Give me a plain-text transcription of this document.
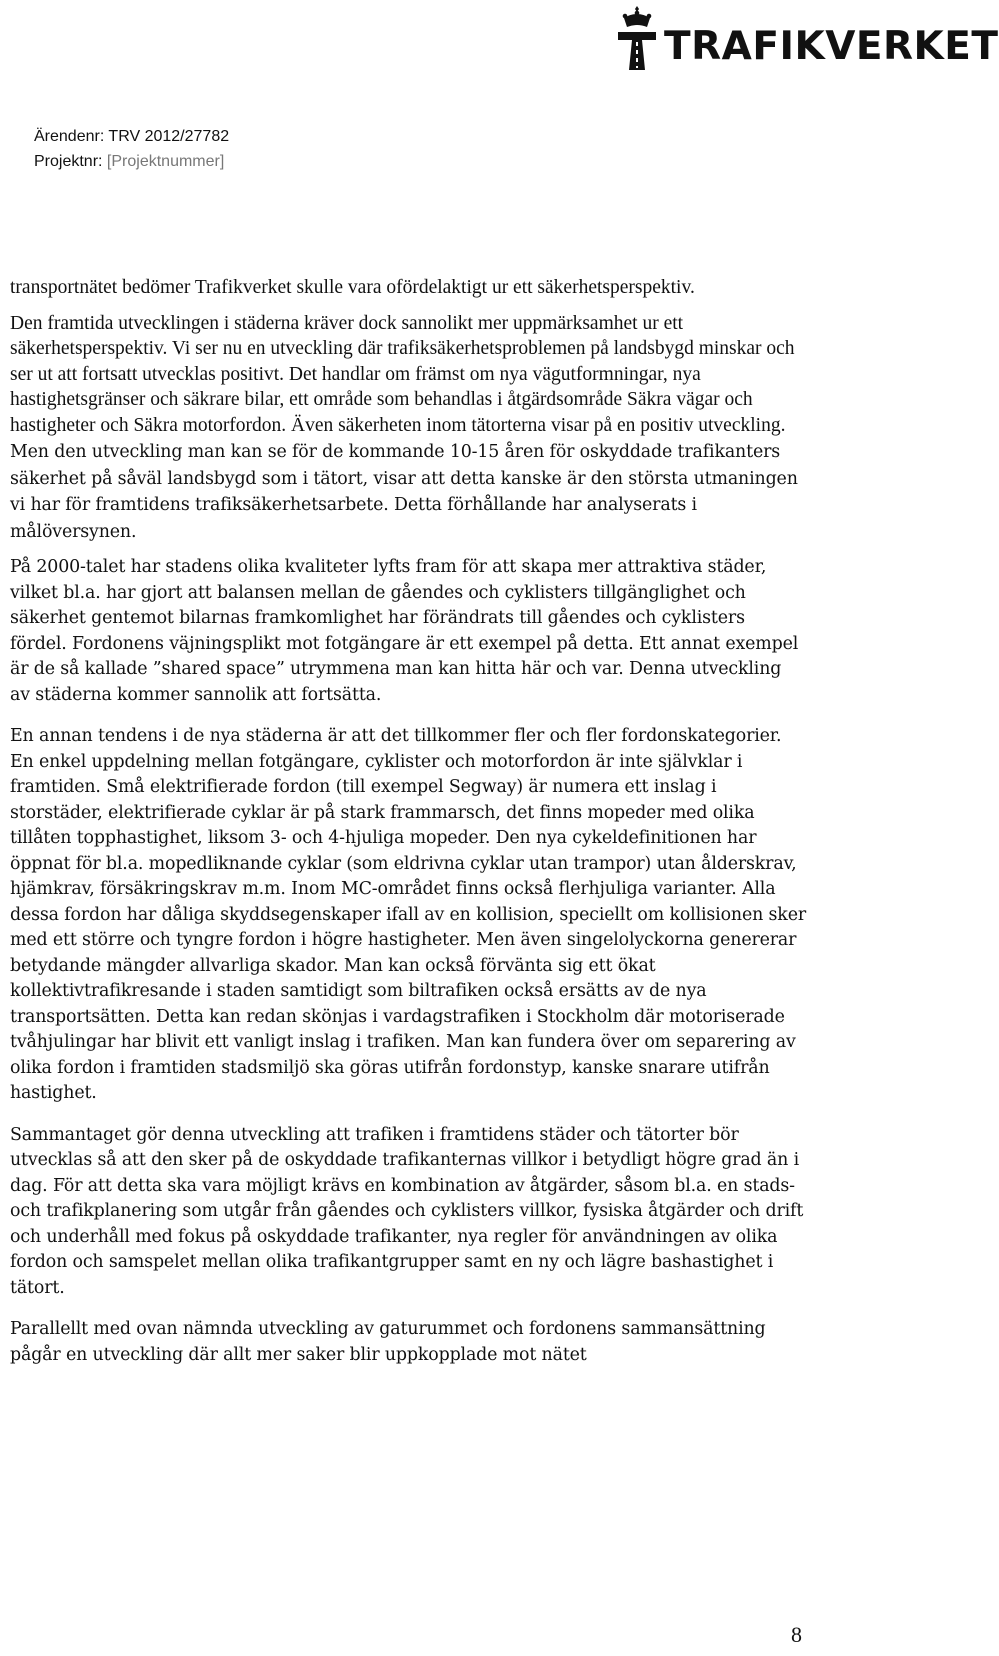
TRAFIKVERKET
Ärendenr: TRV 2012/27782
Projektnr: [Projektnummer]

transportnätet bedömer Trafikverket skulle vara ofördelaktigt ur ett säkerhetsperspektiv.

Den framtida utvecklingen i städerna kräver dock sannolikt mer uppmärksamhet ur ett säkerhetsperspektiv. Vi ser nu en utveckling där trafiksäkerhetsproblemen på landsbygd minskar och ser ut att fortsatt utvecklas positivt. Det handlar om främst om nya vägutformningar, nya hastighetsgränser och säkrare bilar, ett område som behandlas i åtgärdsområde Säkra vägar och hastigheter och Säkra motorfordon. Även säkerheten inom tätorterna visar på en positiv utveckling. Men den utveckling man kan se för de kommande 10-15 åren för oskyddade trafikanters säkerhet på såväl landsbygd som i tätort, visar att detta kanske är den största utmaningen vi har för framtidens trafiksäkerhetsarbete. Detta förhållande har analyserats i målöversynen.

På 2000-talet har stadens olika kvaliteter lyfts fram för att skapa mer attraktiva städer, vilket bl.a. har gjort att balansen mellan de gåendes och cyklisters tillgänglighet och säkerhet gentemot bilarnas framkomlighet har förändrats till gåendes och cyklisters fördel. Fordonens väjningsplikt mot fotgängare är ett exempel på detta. Ett annat exempel är de så kallade ”shared space” utrymmena man kan hitta här och var. Denna utveckling av städerna kommer sannolik att fortsätta.

En annan tendens i de nya städerna är att det tillkommer fler och fler fordonskategorier. En enkel uppdelning mellan fotgängare, cyklister och motorfordon är inte självklar i framtiden. Små elektrifierade fordon (till exempel Segway) är numera ett inslag i storstäder, elektrifierade cyklar är på stark frammarsch, det finns mopeder med olika tillåten topphastighet, liksom 3- och 4-hjuliga mopeder. Den nya cykeldefinitionen har öppnat för bl.a. mopedliknande cyklar (som eldrivna cyklar utan trampor) utan ålderskrav, hjämkrav, försäkringskrav m.m. Inom MC-området finns också flerhjuliga varianter. Alla dessa fordon har dåliga skyddsegenskaper ifall av en kollision, speciellt om kollisionen sker med ett större och tyngre fordon i högre hastigheter. Men även singelolyckorna genererar betydande mängder allvarliga skador. Man kan också förvänta sig ett ökat kollektivtrafikresande i staden samtidigt som biltrafiken också ersätts av de nya transportsätten. Detta kan redan skönjas i vardagstrafiken i Stockholm där motoriserade tvåhjulingar har blivit ett vanligt inslag i trafiken. Man kan fundera över om separering av olika fordon i framtiden stadsmiljö ska göras utifrån fordonstyp, kanske snarare utifrån hastighet.

Sammantaget gör denna utveckling att trafiken i framtidens städer och tätorter bör utvecklas så att den sker på de oskyddade trafikanternas villkor i betydligt högre grad än i dag. För att detta ska vara möjligt krävs en kombination av åtgärder, såsom bl.a. en stads- och trafikplanering som utgår från gåendes och cyklisters villkor, fysiska åtgärder och drift och underhåll med fokus på oskyddade trafikanter, nya regler för användningen av olika fordon och samspelet mellan olika trafikantgrupper samt en ny och lägre bashastighet i tätort.

Parallellt med ovan nämnda utveckling av gaturummet och fordonens sammansättning pågår en utveckling där allt mer saker blir uppkopplade mot nätet

8
